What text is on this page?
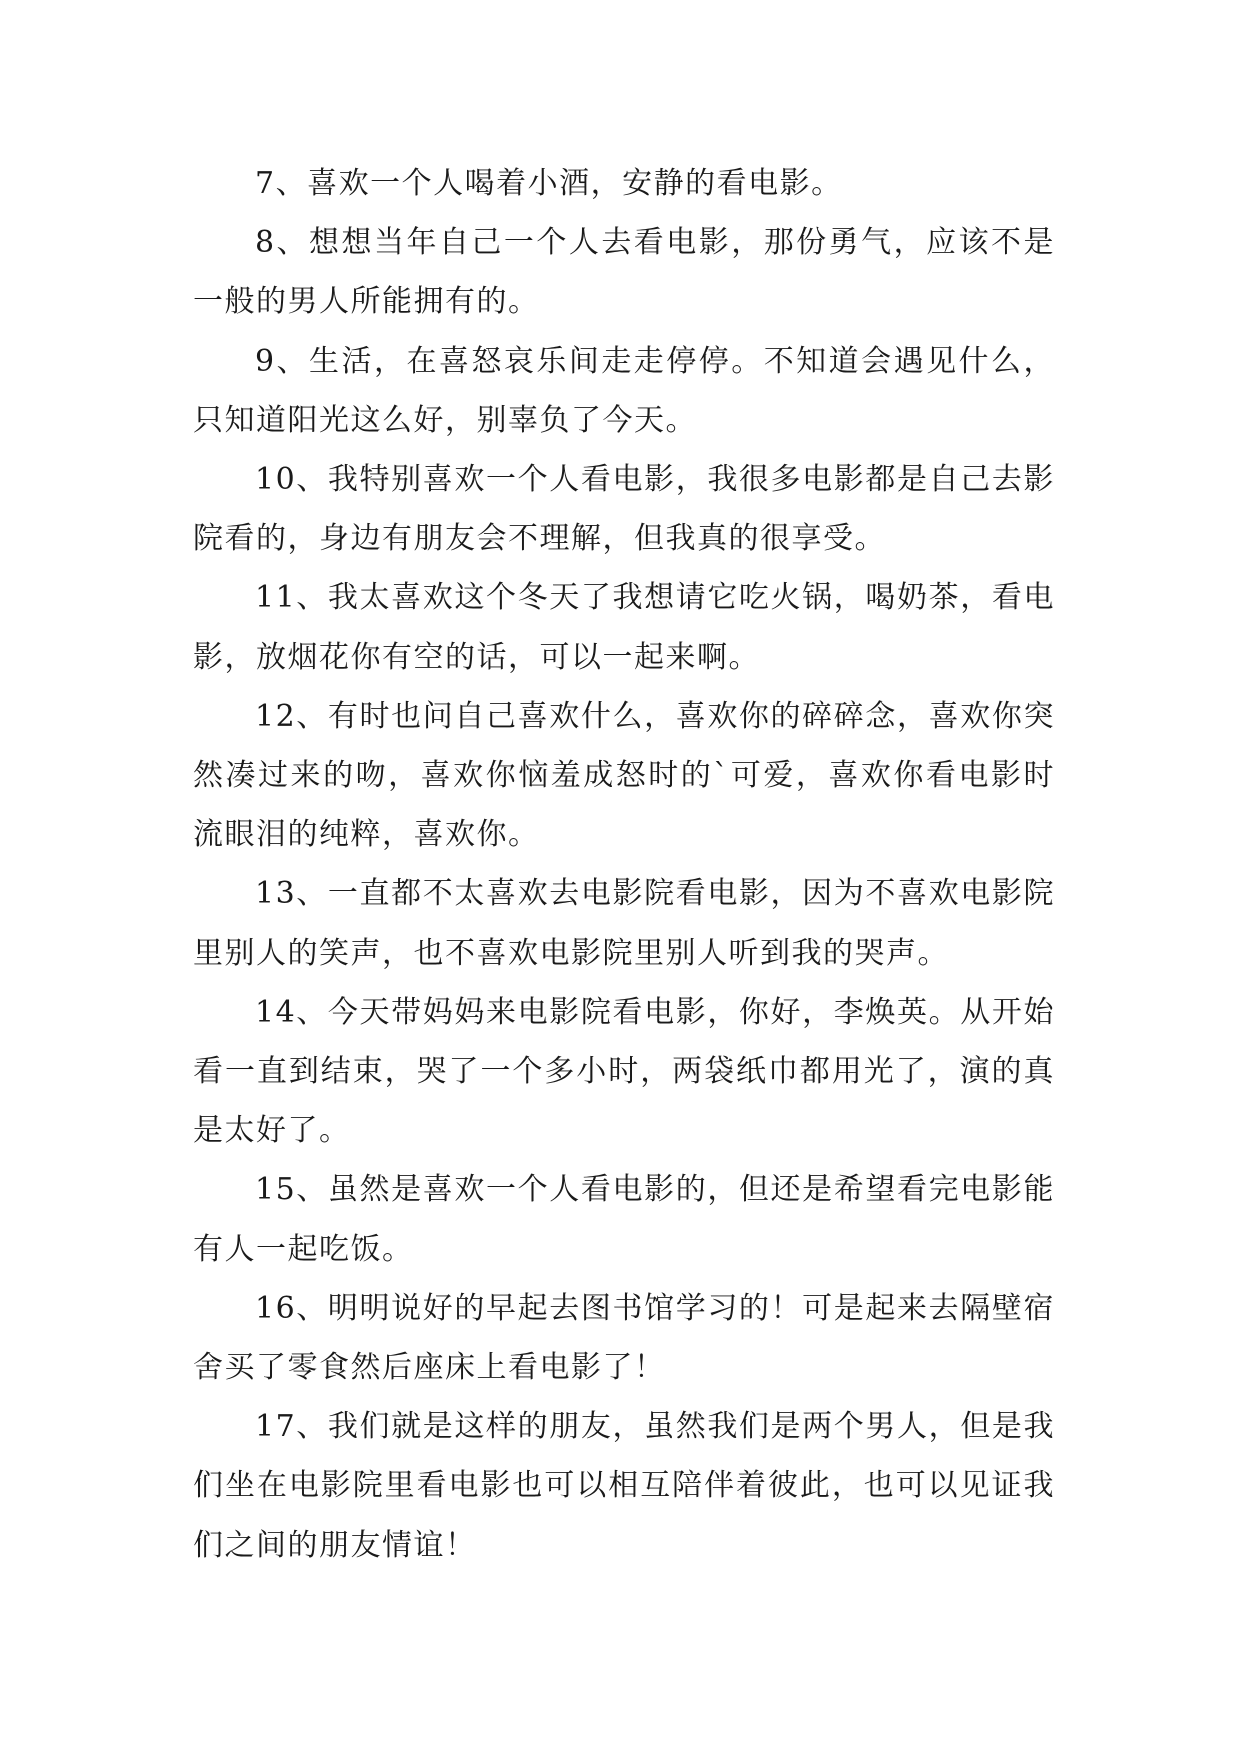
7、喜欢一个人喝着小酒，安静的看电影。

8、想想当年自己一个人去看电影，那份勇气，应该不是一般的男人所能拥有的。

9、生活，在喜怒哀乐间走走停停。不知道会遇见什么，只知道阳光这么好，别辜负了今天。

10、我特别喜欢一个人看电影，我很多电影都是自己去影院看的，身边有朋友会不理解，但我真的很享受。

11、我太喜欢这个冬天了我想请它吃火锅，喝奶茶，看电影，放烟花你有空的话，可以一起来啊。

12、有时也问自己喜欢什么，喜欢你的碎碎念，喜欢你突然凑过来的吻，喜欢你恼羞成怒时的`可爱，喜欢你看电影时流眼泪的纯粹，喜欢你。

13、一直都不太喜欢去电影院看电影，因为不喜欢电影院里别人的笑声，也不喜欢电影院里别人听到我的哭声。

14、今天带妈妈来电影院看电影，你好，李焕英。从开始看一直到结束，哭了一个多小时，两袋纸巾都用光了，演的真是太好了。

15、虽然是喜欢一个人看电影的，但还是希望看完电影能有人一起吃饭。

16、明明说好的早起去图书馆学习的！可是起来去隔壁宿舍买了零食然后座床上看电影了！

17、我们就是这样的朋友，虽然我们是两个男人，但是我们坐在电影院里看电影也可以相互陪伴着彼此，也可以见证我们之间的朋友情谊！
